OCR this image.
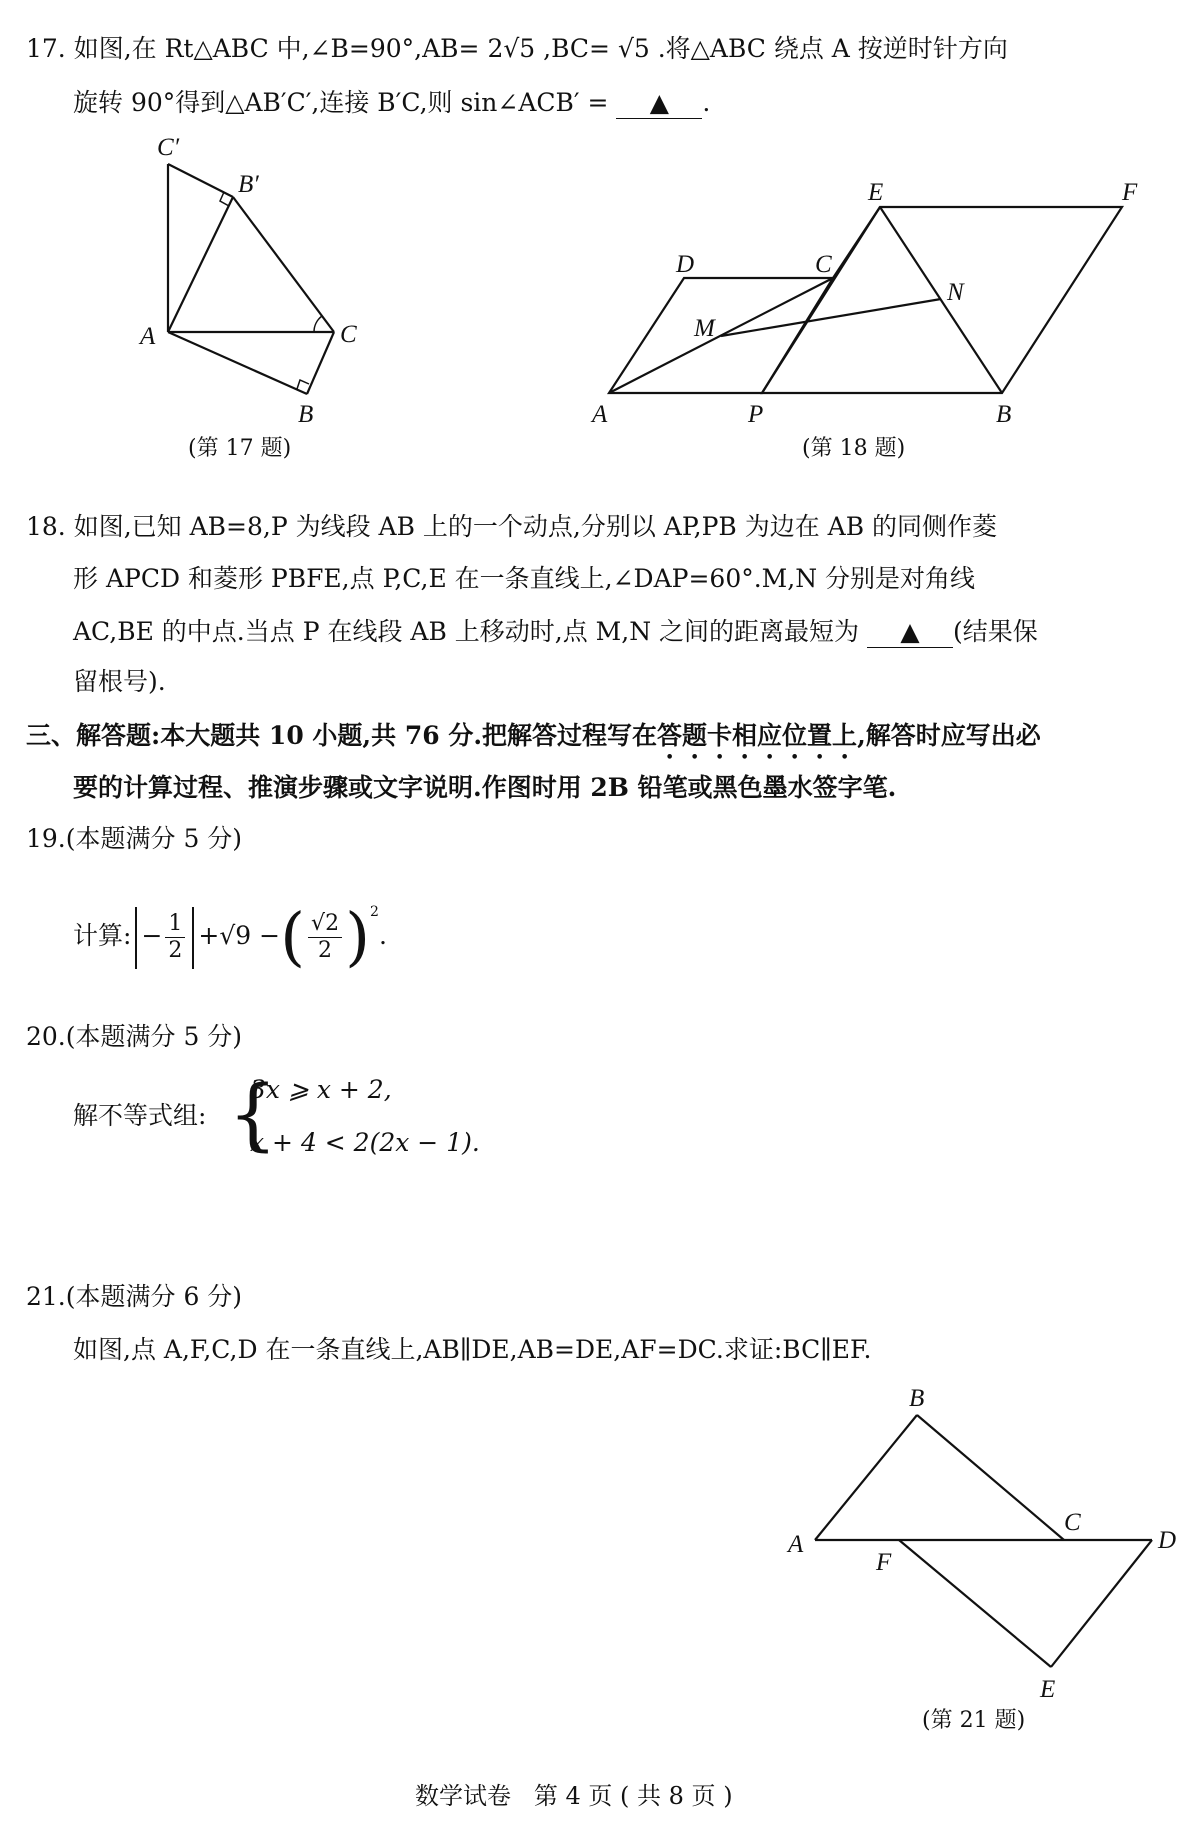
17. 如图,在 Rt△ABC 中,∠B=90°,AB= 2√5 ,BC= √5 .将△ABC 绕点 A 按逆时针方向
旋转 90°得到△AB′C′,连接 B′C,则 sin∠ACB′ = ▲ .
C′
B′
A	C
B
(第 17 题)
A	P	B
D	C
E	F
M
N
(第 18 题)
A
B
C
D
E
F
(第 21 题)
18. 如图,已知 AB=8,P 为线段 AB 上的一个动点,分别以 AP,PB 为边在 AB 的同侧作菱
形 APCD 和菱形 PBFE,点 P,C,E 在一条直线上,∠DAP=60°.M,N 分别是对角线
AC,BE 的中点.当点 P 在线段 AB 上移动时,点 M,N 之间的距离最短为 ▲ (结果保
留根号).
三、解答题:本大题共 10 小题,共 76 分.把解答过程写在答题卡相应位置上,解答时应写出必
要的计算过程、推演步骤或文字说明.作图时用 2B 铅笔或黑色墨水签字笔.
19.(本题满分 5 分)
计算: − $\frac{1}{2} +√9$ −( $\frac{√2}{2} )^2$.
20.(本题满分 5 分)
解不等式组: {
3x ⩾ x + 2,
x + 4 < 2(2x − 1).
21.(本题满分 6 分)
如图,点 A,F,C,D 在一条直线上,AB∥DE,AB=DE,AF=DC.求证:BC∥EF.
数学试卷   第 4 页 ( 共 8 页 )
